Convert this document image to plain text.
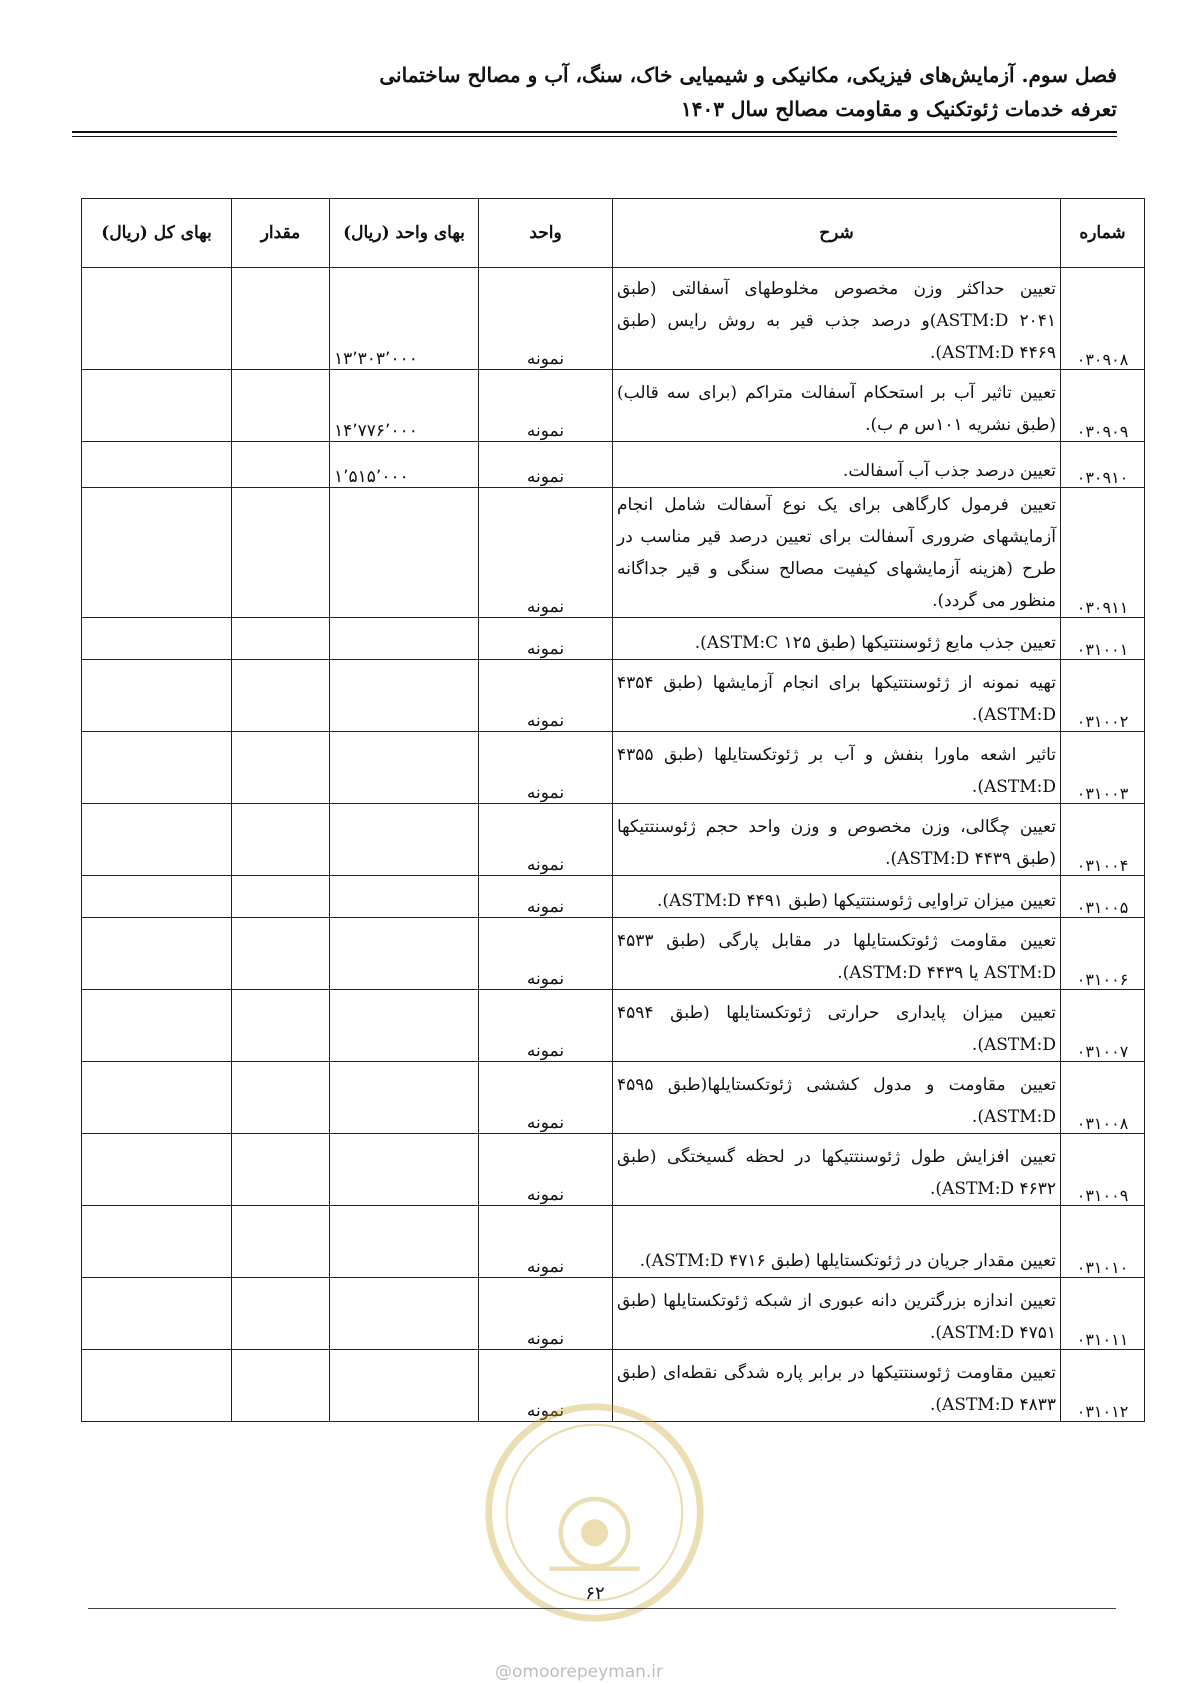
فصل سوم. آزمایش‌های فیزیکی، مکانیکی و شیمیایی خاک، سنگ، آب و مصالح ساختمانی
تعرفه خدمات ژئوتکنیک و مقاومت مصالح سال ۱۴۰۳
شماره	شرح	واحد	بهای واحد (ریال)	مقدار	بهای کل (ریال)
۰۳۰۹۰۸	تعیین حداکثر وزن مخصوص مخلوطهای آسفالتی (طبق ASTM:D ۲۰۴۱)و درصد جذب قیر به روش رایس (طبق ASTM:D ۴۴۶۹).	نمونه	۱۳٬۳۰۳٬۰۰۰		
۰۳۰۹۰۹	تعیین تاثیر آب بر استحکام آسفالت متراکم (برای سه قالب) (طبق نشریه ۱۰۱س م ب).	نمونه	۱۴٬۷۷۶٬۰۰۰		
۰۳۰۹۱۰	تعیین درصد جذب آب آسفالت.	نمونه	۱٬۵۱۵٬۰۰۰		
۰۳۰۹۱۱	تعیین فرمول کارگاهی برای یک نوع آسفالت شامل انجام آزمایشهای ضروری آسفالت برای تعیین درصد قیر مناسب در طرح (هزینه آزمایشهای کیفیت مصالح سنگی و قیر جداگانه منظور می گردد).	نمونه			
۰۳۱۰۰۱	تعیین جذب مایع ژئوسنتتیکها (طبق ASTM:C ۱۲۵).	نمونه			
۰۳۱۰۰۲	تهیه نمونه از ژئوسنتتیکها برای انجام آزمایشها (طبق ۴۳۵۴ ASTM:D).	نمونه			
۰۳۱۰۰۳	تاثیر اشعه ماورا بنفش و آب بر ژئوتکستایلها (طبق ۴۳۵۵ ASTM:D).	نمونه			
۰۳۱۰۰۴	تعیین چگالی، وزن مخصوص و وزن واحد حجم ژئوسنتتیکها (طبق ASTM:D ۴۴۳۹).	نمونه			
۰۳۱۰۰۵	تعیین میزان تراوایی ژئوسنتتیکها (طبق ASTM:D ۴۴۹۱).	نمونه			
۰۳۱۰۰۶	تعیین مقاومت ژئوتکستایلها در مقابل پارگی (طبق ۴۵۳۳ ASTM:D یا ASTM:D ۴۴۳۹).	نمونه			
۰۳۱۰۰۷	تعیین میزان پایداری حرارتی ژئوتکستایلها (طبق ۴۵۹۴ ASTM:D).	نمونه			
۰۳۱۰۰۸	تعیین مقاومت و مدول کششی ژئوتکستایلها(طبق ۴۵۹۵ ASTM:D).	نمونه			
۰۳۱۰۰۹	تعیین افزایش طول ژئوسنتتیکها در لحظه گسیختگی (طبق ASTM:D ۴۶۳۲).	نمونه			
۰۳۱۰۱۰	تعیین مقدار جریان در ژئوتکستایلها (طبق ۴۷۱۶ ASTM:D).	نمونه			
۰۳۱۰۱۱	تعیین اندازه بزرگترین دانه عبوری از شبکه ژئوتکستایلها (طبق ASTM:D ۴۷۵۱).	نمونه			
۰۳۱۰۱۲	تعیین مقاومت ژئوسنتتیکها در برابر پاره شدگی نقطه‌ای (طبق ASTM:D ۴۸۳۳).	نمونه			
۶۲
@omoorepeyman.ir
